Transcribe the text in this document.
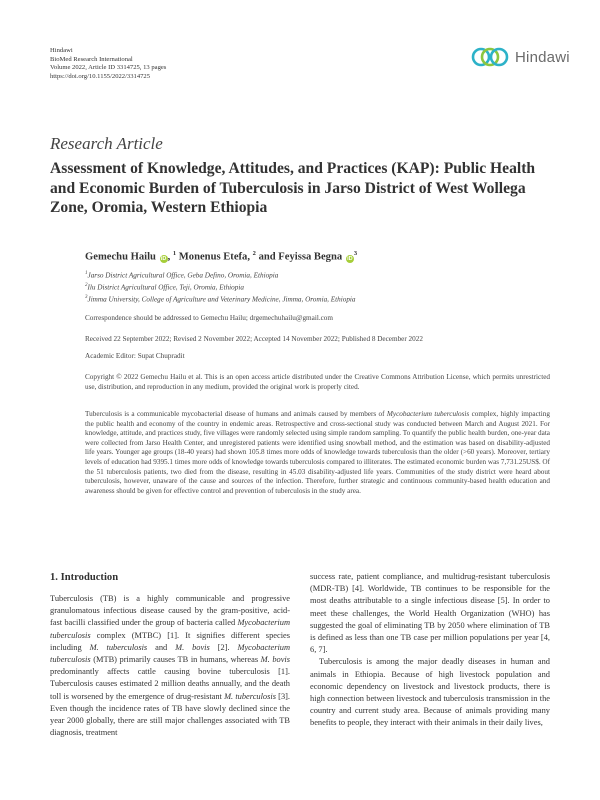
Hindawi
BioMed Research International
Volume 2022, Article ID 3314725, 13 pages
https://doi.org/10.1155/2022/3314725
Hindawi
Research Article
Assessment of Knowledge, Attitudes, and Practices (KAP): Public Health and Economic Burden of Tuberculosis in Jarso District of West Wollega Zone, Oromia, Western Ethiopia
Gemechu Hailu iD, $^1$ Monenus Etefa, $^2$ and Feyissa Begna $iD^3$
$^1$Jarso District Agricultural Office, Geba Defino, Oromia, Ethiopia
$^2$Ilu District Agricultural Office, Teji, Oromia, Ethiopia
$^3$Jimma University, College of Agriculture and Veterinary Medicine, Jimma, Oromia, Ethiopia
Correspondence should be addressed to Gemechu Hailu; drgemechuhailu@gmail.com
Received 22 September 2022; Revised 2 November 2022; Accepted 14 November 2022; Published 8 December 2022
Academic Editor: Supat Chupradit
Copyright © 2022 Gemechu Hailu et al. This is an open access article distributed under the Creative Commons Attribution License, which permits unrestricted use, distribution, and reproduction in any medium, provided the original work is properly cited.
Tuberculosis is a communicable mycobacterial disease of humans and animals caused by members of Mycobacterium tuberculosis complex, highly impacting the public health and economy of the country in endemic areas. Retrospective and cross-sectional study was conducted between March and August 2021. For knowledge, attitude, and practices study, five villages were randomly selected using simple random sampling. To quantify the public health burden, one-year data were collected from Jarso Health Center, and unregistered patients were identified using snowball method, and the estimation was based on disability-adjusted life years. Younger age groups (18-40 years) had shown 105.8 times more odds of knowledge towards tuberculosis than the older (>60 years). Moreover, tertiary levels of education had 9395.1 times more odds of knowledge towards tuberculosis compared to illiterates. The estimated economic burden was 7,731.25US$. Of the 51 tuberculosis patients, two died from the disease, resulting in 45.03 disability-adjusted life years. Communities of the study district were heard about tuberculosis, however, unaware of the cause and sources of the infection. Therefore, further strategic and continuous community-based health education and awareness should be given for effective control and prevention of tuberculosis in the study area.
1. Introduction

Tuberculosis (TB) is a highly communicable and progressive granulomatous infectious disease caused by the gram-positive, acid-fast bacilli classified under the group of bacteria called Mycobacterium tuberculosis complex (MTBC) [1]. It signifies different species including M. tuberculosis and M. bovis [2]. Mycobacterium tuberculosis (MTB) primarily causes TB in humans, whereas M. bovis predominantly affects cattle causing bovine tuberculosis [1]. Tuberculosis causes estimated 2 million deaths annually, and the death toll is worsened by the emergence of drug-resistant M. tuberculosis [3]. Even though the incidence rates of TB have slowly declined since the year 2000 globally, there are still major challenges associated with TB diagnosis, treatment

success rate, patient compliance, and multidrug-resistant tuberculosis (MDR-TB) [4]. Worldwide, TB continues to be responsible for the most deaths attributable to a single infectious disease [5]. In order to meet these challenges, the World Health Organization (WHO) has suggested the goal of eliminating TB by 2050 where elimination of TB is defined as less than one TB case per million populations per year [4, 6, 7].

Tuberculosis is among the major deadly diseases in human and animals in Ethiopia. Because of high livestock population and economic dependency on livestock and livestock products, there is high connection between livestock and tuberculosis transmission in the country and current study area. Because of animals providing many benefits to people, they interact with their animals in their daily lives,
